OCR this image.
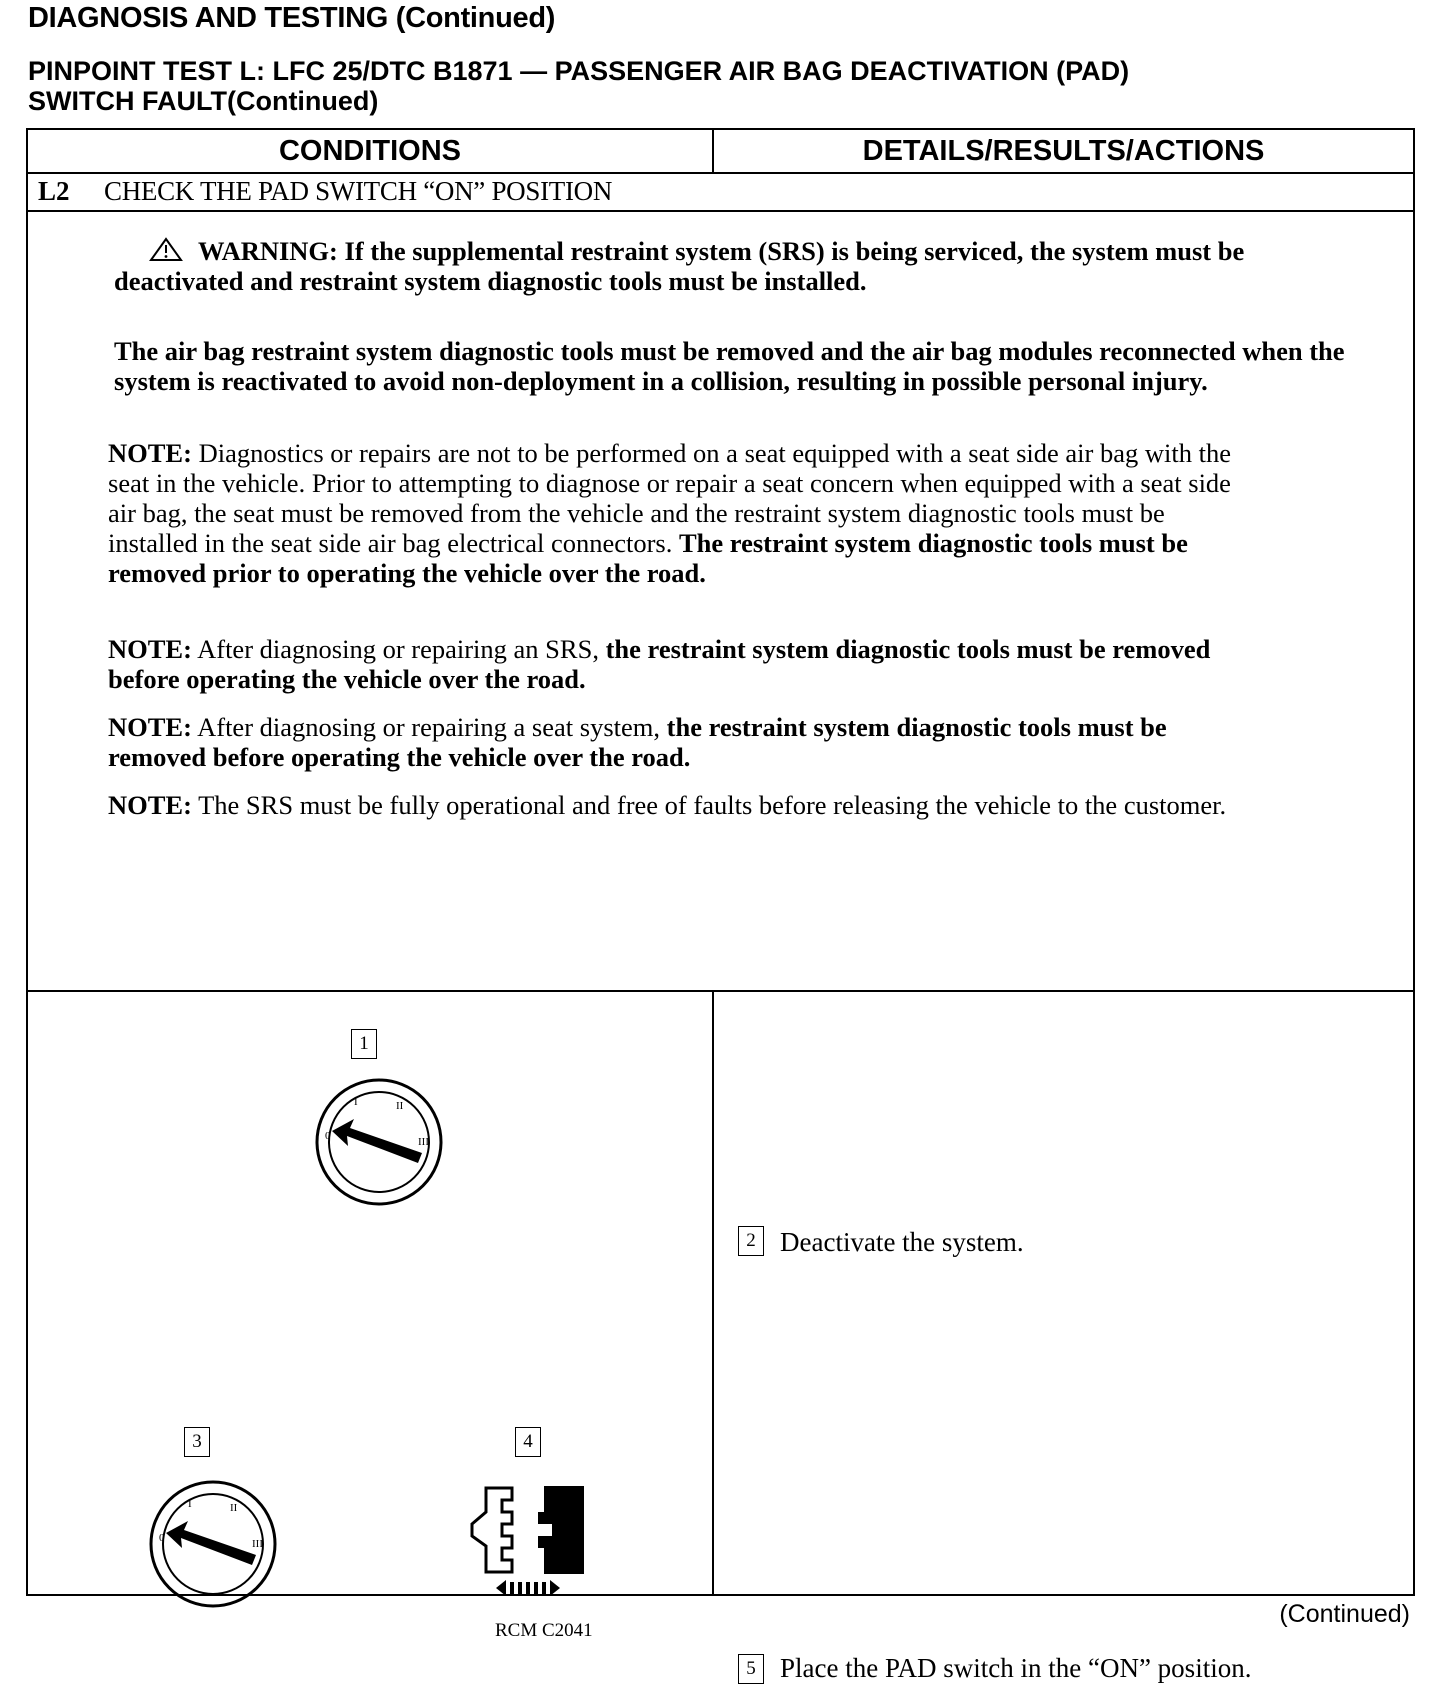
DIAGNOSIS AND TESTING (Continued)
PINPOINT TEST L: LFC 25/DTC B1871 — PASSENGER AIR BAG DEACTIVATION (PAD)
SWITCH FAULT(Continued)
CONDITIONS	DETAILS/RESULTS/ACTIONS
L2 CHECK THE PAD SWITCH “ON” POSITION
WARNING: If the supplemental restraint system (SRS) is being serviced, the system must be deactivated and restraint system diagnostic tools must be installed.
The air bag restraint system diagnostic tools must be removed and the air bag modules reconnected when the system is reactivated to avoid non-deployment in a collision, resulting in possible personal injury.
NOTE: Diagnostics or repairs are not to be performed on a seat equipped with a seat side air bag with the seat in the vehicle. Prior to attempting to diagnose or repair a seat concern when equipped with a seat side air bag, the seat must be removed from the vehicle and the restraint system diagnostic tools must be installed in the seat side air bag electrical connectors. The restraint system diagnostic tools must be removed prior to operating the vehicle over the road.
NOTE: After diagnosing or repairing an SRS, the restraint system diagnostic tools must be removed before operating the vehicle over the road.
NOTE: After diagnosing or repairing a seat system, the restraint system diagnostic tools must be removed before operating the vehicle over the road.
NOTE: The SRS must be fully operational and free of faults before releasing the vehicle to the customer.
1
0
I	II
III
3
0
I	II
III
4
RCM C2041
2 Deactivate the system.
5 Place the PAD switch in the “ON” position.
(Continued)
